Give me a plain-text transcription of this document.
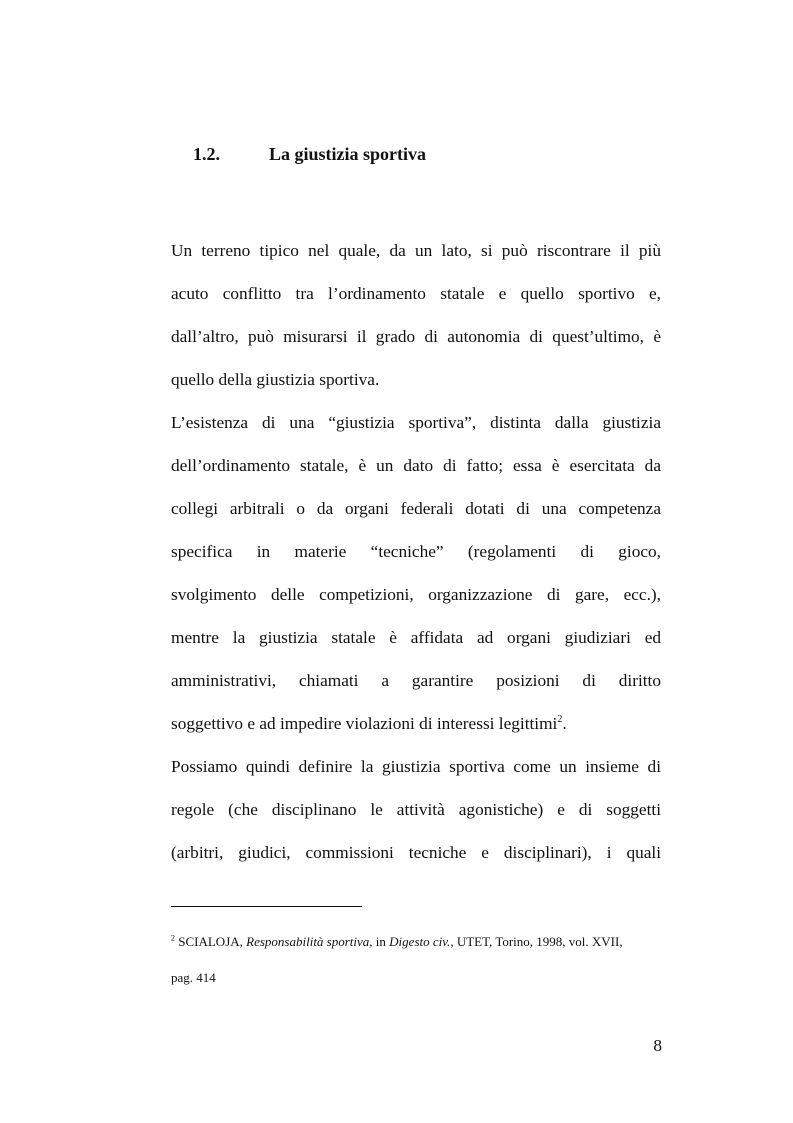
1.2.	La giustizia sportiva
Un terreno tipico nel quale, da un lato, si può riscontrare il più
acuto conflitto tra l’ordinamento statale e quello sportivo e,
dall’altro, può misurarsi il grado di autonomia di quest’ultimo, è
quello della giustizia sportiva.
L’esistenza di una “giustizia sportiva”, distinta dalla giustizia
dell’ordinamento statale, è un dato di fatto; essa è esercitata da
collegi arbitrali o da organi federali dotati di una competenza
specifica in materie “tecniche” (regolamenti di gioco,
svolgimento delle competizioni, organizzazione di gare, ecc.),
mentre la giustizia statale è affidata ad organi giudiziari ed
amministrativi, chiamati a garantire posizioni di diritto
soggettivo e ad impedire violazioni di interessi legittimi$^2$.
Possiamo quindi definire la giustizia sportiva come un insieme di
regole (che disciplinano le attività agonistiche) e di soggetti
(arbitri, giudici, commissioni tecniche e disciplinari), i quali
$^2$ SCIALOJA, Responsabilità sportiva, in Digesto civ., UTET, Torino, 1998, vol. XVII,
pag. 414
8
